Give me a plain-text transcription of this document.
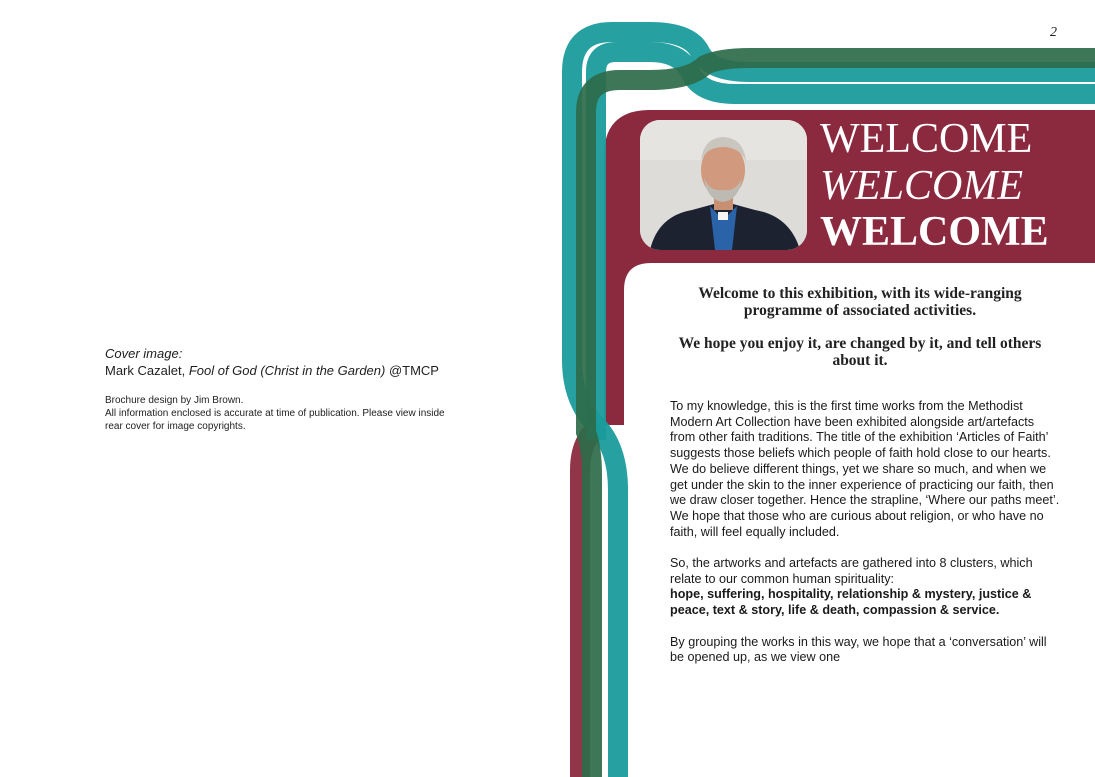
Cover image:
Mark Cazalet, Fool of God (Christ in the Garden) @TMCP
Brochure design by Jim Brown.
All information enclosed is accurate at time of publication. Please view inside rear cover for image copyrights.
2
WELCOME
WELCOME
WELCOME

Welcome to this exhibition, with its wide-ranging programme of associated activities.

We hope you enjoy it, are changed by it, and tell others about it.

To my knowledge, this is the first time works from the Methodist Modern Art Collection have been exhibited alongside art/artefacts from other faith traditions. The title of the exhibition ‘Articles of Faith’ suggests those beliefs which people of faith hold close to our hearts. We do believe different things, yet we share so much, and when we get under the skin to the inner experience of practicing our faith, then we draw closer together. Hence the strapline, ‘Where our paths meet’. We hope that those who are curious about religion, or who have no faith, will feel equally included.

So, the artworks and artefacts are gathered into 8 clusters, which relate to our common human spirituality:
hope, suffering, hospitality, relationship & mystery, justice & peace, text & story, life & death, compassion & service.

By grouping the works in this way, we hope that a ‘conversation’ will be opened up, as we view one
